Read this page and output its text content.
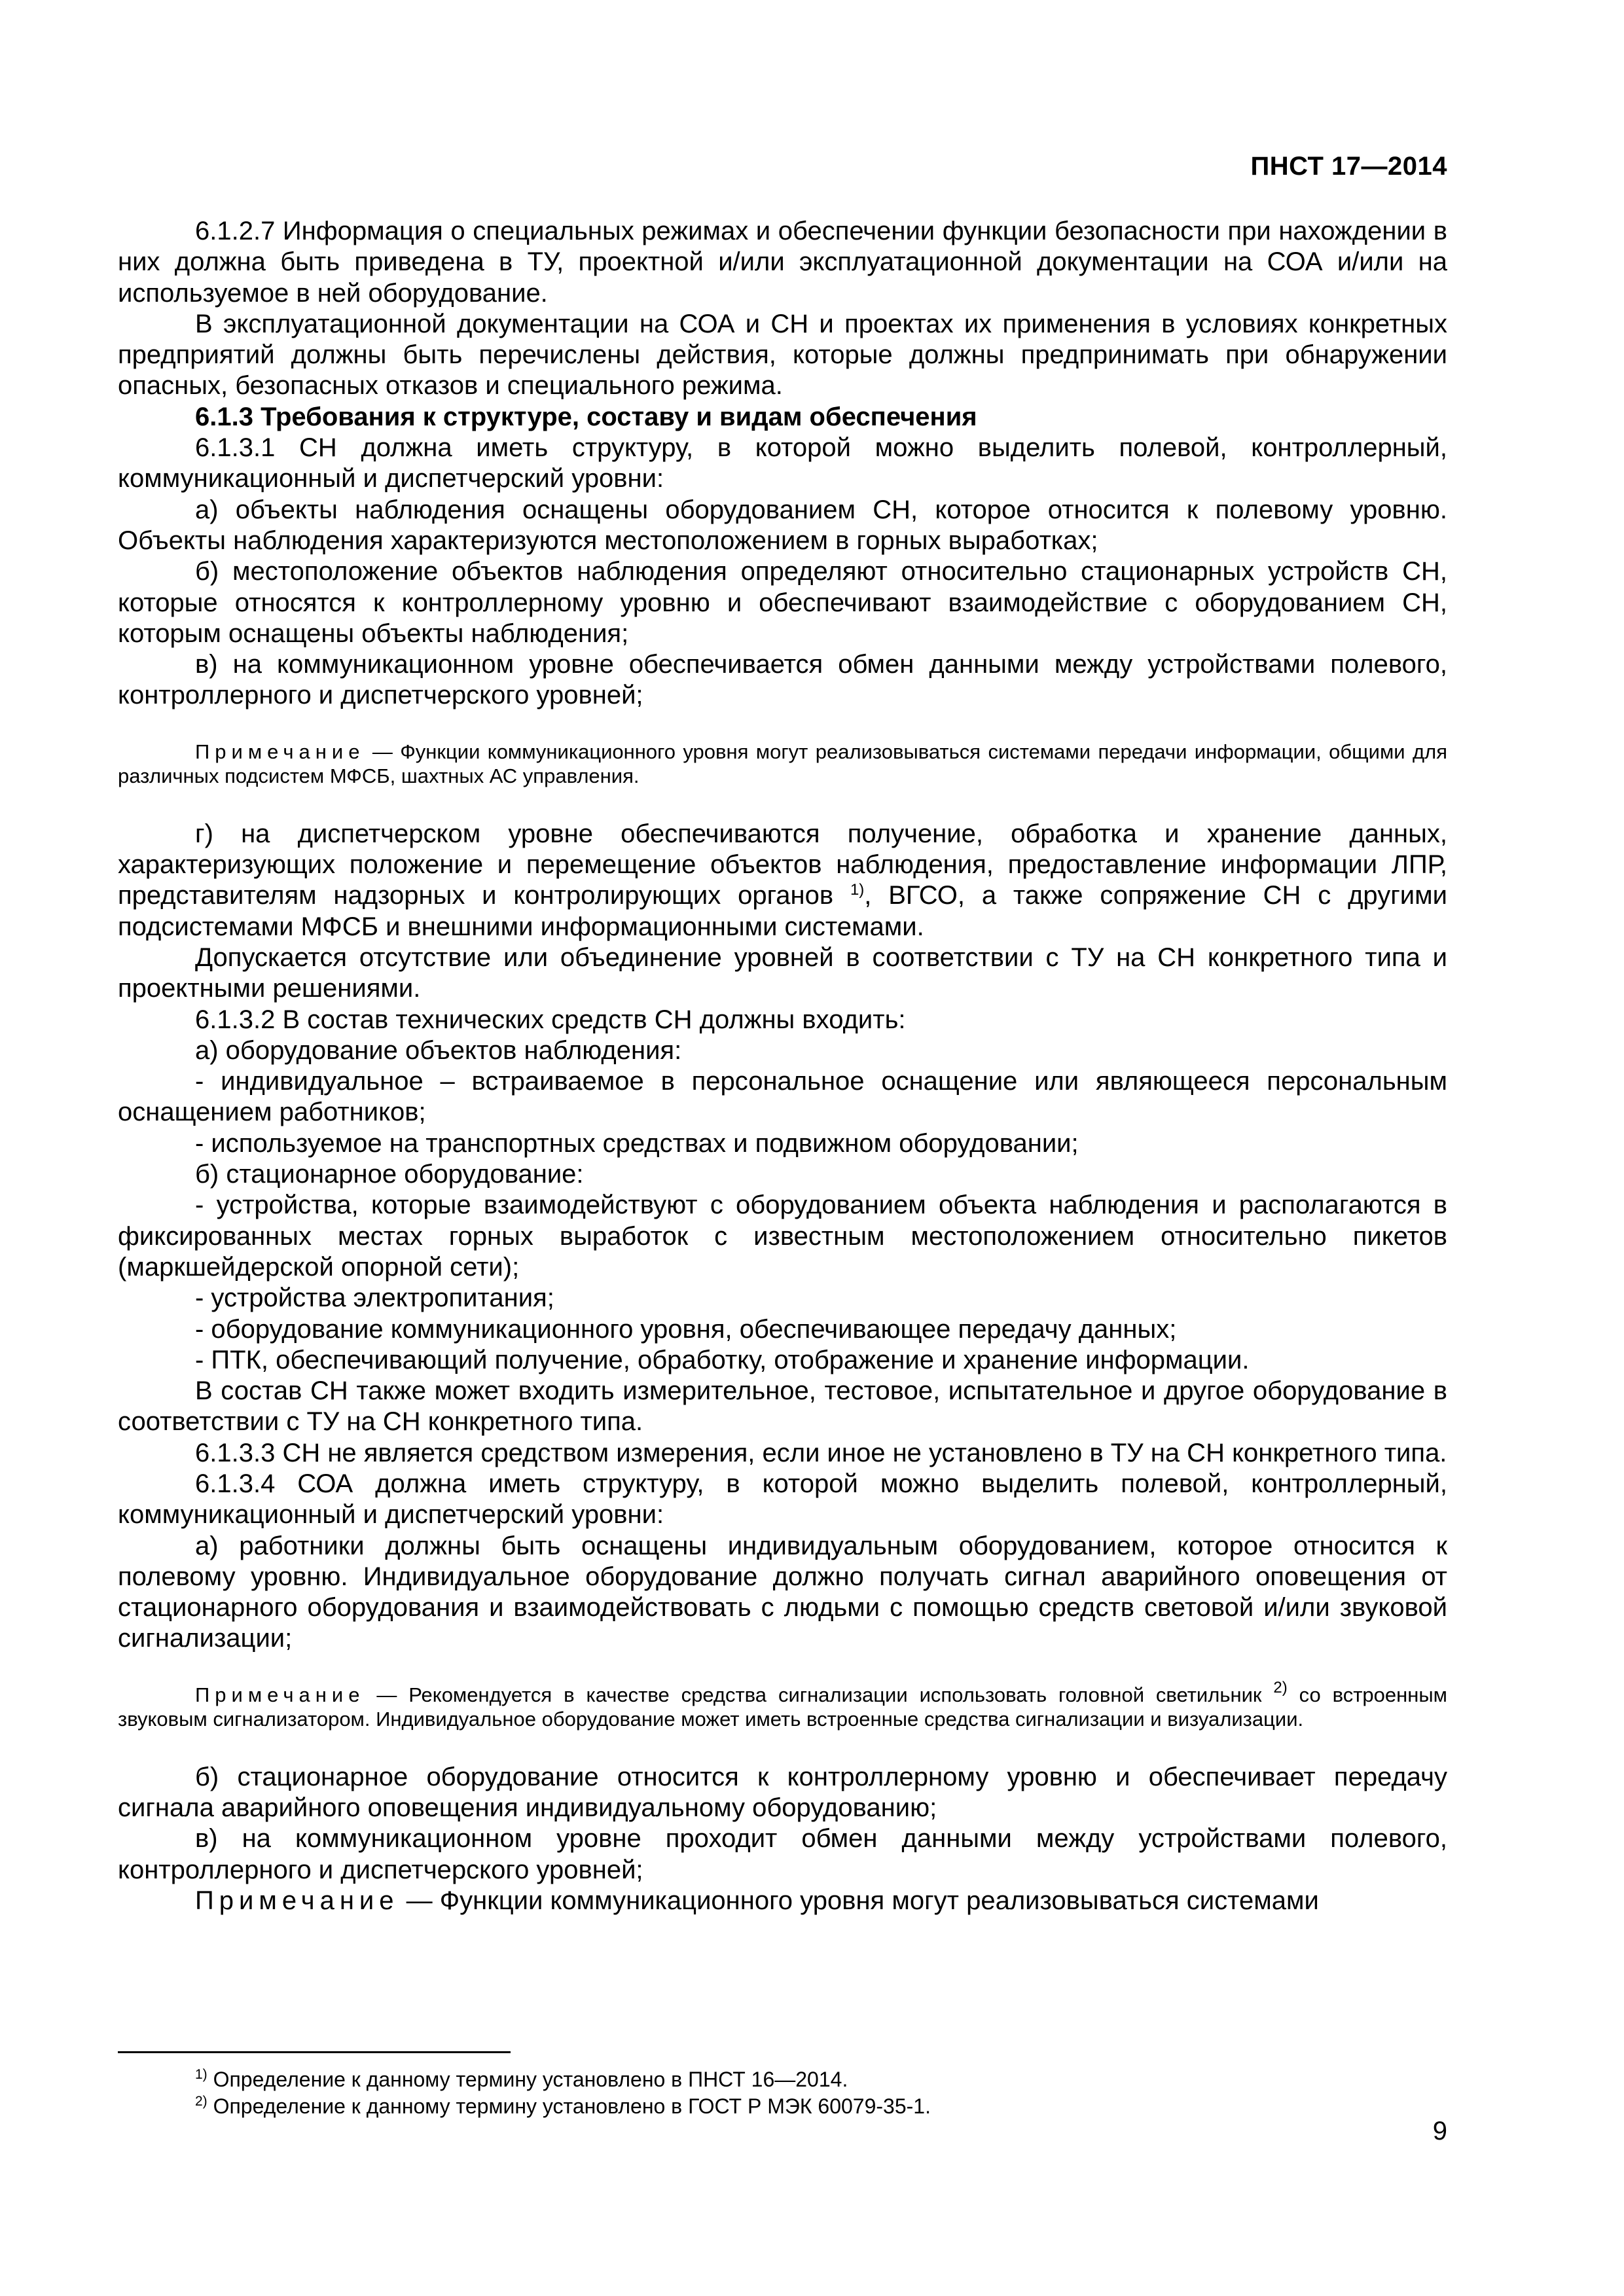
ПНСТ 17—2014

6.1.2.7 Информация о специальных режимах и обеспечении функции безопасности при нахождении в них должна быть приведена в ТУ, проектной и/или эксплуатационной документации на СОА и/или на используемое в ней оборудование.

В эксплуатационной документации на СОА и СН и проектах их применения в условиях конкретных предприятий должны быть перечислены действия, которые должны предпринимать при обнаружении опасных, безопасных отказов и специального режима.

6.1.3 Требования к структуре, составу и видам обеспечения

6.1.3.1 СН должна иметь структуру, в которой можно выделить полевой, контроллерный, коммуникационный и диспетчерский уровни:

а) объекты наблюдения оснащены оборудованием СН, которое относится к полевому уровню. Объекты наблюдения характеризуются местоположением в горных выработках;

б) местоположение объектов наблюдения определяют относительно стационарных устройств СН, которые относятся к контроллерному уровню и обеспечивают взаимодействие с оборудованием СН, которым оснащены объекты наблюдения;

в) на коммуникационном уровне обеспечивается обмен данными между устройствами полевого, контроллерного и диспетчерского уровней;

Примечание — Функции коммуникационного уровня могут реализовываться системами передачи информации, общими для различных подсистем МФСБ, шахтных АС управления.

г) на диспетчерском уровне обеспечиваются получение, обработка и хранение данных, характеризующих положение и перемещение объектов наблюдения, предоставление информации ЛПР, представителям надзорных и контролирующих органов $^{1)}$, ВГСО, а также сопряжение СН с другими подсистемами МФСБ и внешними информационными системами.

Допускается отсутствие или объединение уровней в соответствии с ТУ на СН конкретного типа и проектными решениями.

6.1.3.2 В состав технических средств СН должны входить:

а) оборудование объектов наблюдения:

- индивидуальное – встраиваемое в персональное оснащение или являющееся персональным оснащением работников;

- используемое на транспортных средствах и подвижном оборудовании;

б) стационарное оборудование:

- устройства, которые взаимодействуют с оборудованием объекта наблюдения и располагаются в фиксированных местах горных выработок с известным местоположением относительно пикетов (маркшейдерской опорной сети);

- устройства электропитания;

- оборудование коммуникационного уровня, обеспечивающее передачу данных;

- ПТК, обеспечивающий получение, обработку, отображение и хранение информации.

В состав СН также может входить измерительное, тестовое, испытательное и другое оборудование в соответствии с ТУ на СН конкретного типа.

6.1.3.3 СН не является средством измерения, если иное не установлено в ТУ на СН конкретного типа.

6.1.3.4 СОА должна иметь структуру, в которой можно выделить полевой, контроллерный, коммуникационный и диспетчерский уровни:

а) работники должны быть оснащены индивидуальным оборудованием, которое относится к полевому уровню. Индивидуальное оборудование должно получать сигнал аварийного оповещения от стационарного оборудования и взаимодействовать с людьми с помощью средств световой и/или звуковой сигнализации;

Примечание — Рекомендуется в качестве средства сигнализации использовать головной светильник $^{2)}$ со встроенным звуковым сигнализатором. Индивидуальное оборудование может иметь встроенные средства сигнализации и визуализации.

б) стационарное оборудование относится к контроллерному уровню и обеспечивает передачу сигнала аварийного оповещения индивидуальному оборудованию;

в) на коммуникационном уровне проходит обмен данными между устройствами полевого, контроллерного и диспетчерского уровней;

Примечание — Функции коммуникационного уровня могут реализовываться системами

$^{1)}$ Определение к данному термину установлено в ПНСТ 16—2014.

$^{2)}$ Определение к данному термину установлено в ГОСТ Р МЭК 60079-35-1.

9
